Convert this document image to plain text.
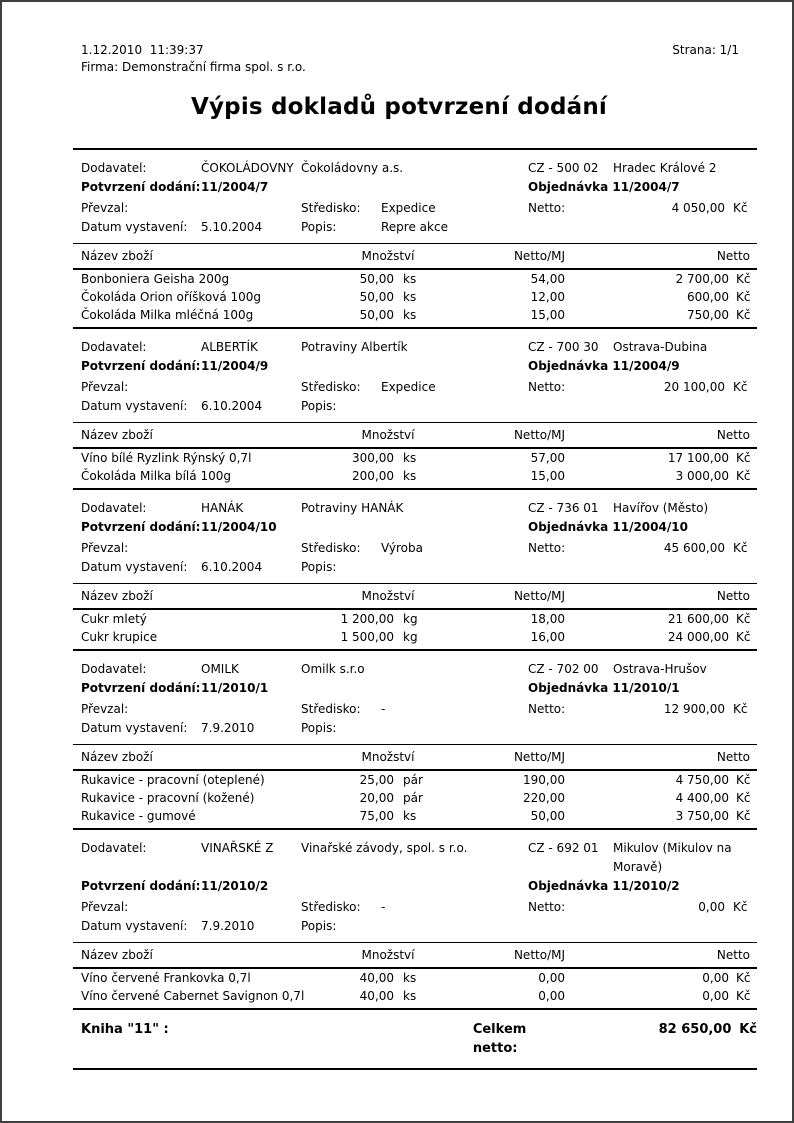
1.12.2010  11:39:37
Firma: Demonstrační firma spol. s r.o.
Strana: 1/1
Výpis dokladů potvrzení dodání
Dodavatel:	ČOKOLÁDOVNY Čokoládovny a.s.	CZ - 500 02	Hradec Králové 2
Potvrzení dodání: 11/2004/7	Objednávka 11/2004/7
Převzal:	Středisko:	Expedice	Netto:	4 050,00 Kč
Datum vystavení:	5.10.2004	Popis:	Repre akce
Název zboží	Množství	Netto/MJ	Netto
Bonboniera Geisha 200g	50,00 ks	54,00	2 700,00 Kč
Čokoláda Orion oříšková 100g	50,00 ks	12,00	600,00 Kč
Čokoláda Milka mléčná 100g	50,00 ks	15,00	750,00 Kč
Dodavatel:	ALBERTÍK	Potraviny Albertík	CZ - 700 30	Ostrava-Dubina
Potvrzení dodání: 11/2004/9	Objednávka 11/2004/9
Převzal:	Středisko:	Expedice	Netto:	20 100,00 Kč
Datum vystavení:	6.10.2004	Popis:
Název zboží	Množství	Netto/MJ	Netto
Víno bílé Ryzlink Rýnský 0,7l	300,00 ks	57,00	17 100,00 Kč
Čokoláda Milka bílá 100g	200,00 ks	15,00	3 000,00 Kč
Dodavatel:	HANÁK	Potraviny HANÁK	CZ - 736 01	Havířov (Město)
Potvrzení dodání: 11/2004/10	Objednávka 11/2004/10
Převzal:	Středisko:	Výroba	Netto:	45 600,00 Kč
Datum vystavení:	6.10.2004	Popis:
Název zboží	Množství	Netto/MJ	Netto
Cukr mletý	1 200,00 kg	18,00	21 600,00 Kč
Cukr krupice	1 500,00 kg	16,00	24 000,00 Kč
Dodavatel:	OMILK	Omilk s.r.o	CZ - 702 00	Ostrava-Hrušov
Potvrzení dodání: 11/2010/1	Objednávka 11/2010/1
Převzal:	Středisko:	-	Netto:	12 900,00 Kč
Datum vystavení:	7.9.2010	Popis:
Název zboží	Množství	Netto/MJ	Netto
Rukavice - pracovní (oteplené)	25,00 pár	190,00	4 750,00 Kč
Rukavice - pracovní (kožené)	20,00 pár	220,00	4 400,00 Kč
Rukavice - gumové	75,00 ks	50,00	3 750,00 Kč
Dodavatel:	VINAŘSKÉ Z	Vinařské závody, spol. s r.o.	CZ - 692 01	Mikulov (Mikulov na Moravě)
Potvrzení dodání: 11/2010/2	Objednávka 11/2010/2
Převzal:	Středisko:	-	Netto:	0,00 Kč
Datum vystavení:	7.9.2010	Popis:
Název zboží	Množství	Netto/MJ	Netto
Víno červené Frankovka 0,7l	40,00 ks	0,00	0,00 Kč
Víno červené Cabernet Savignon 0,7l	40,00 ks	0,00	0,00 Kč
Kniha "11" :	Celkem netto:
82 650,00 Kč
